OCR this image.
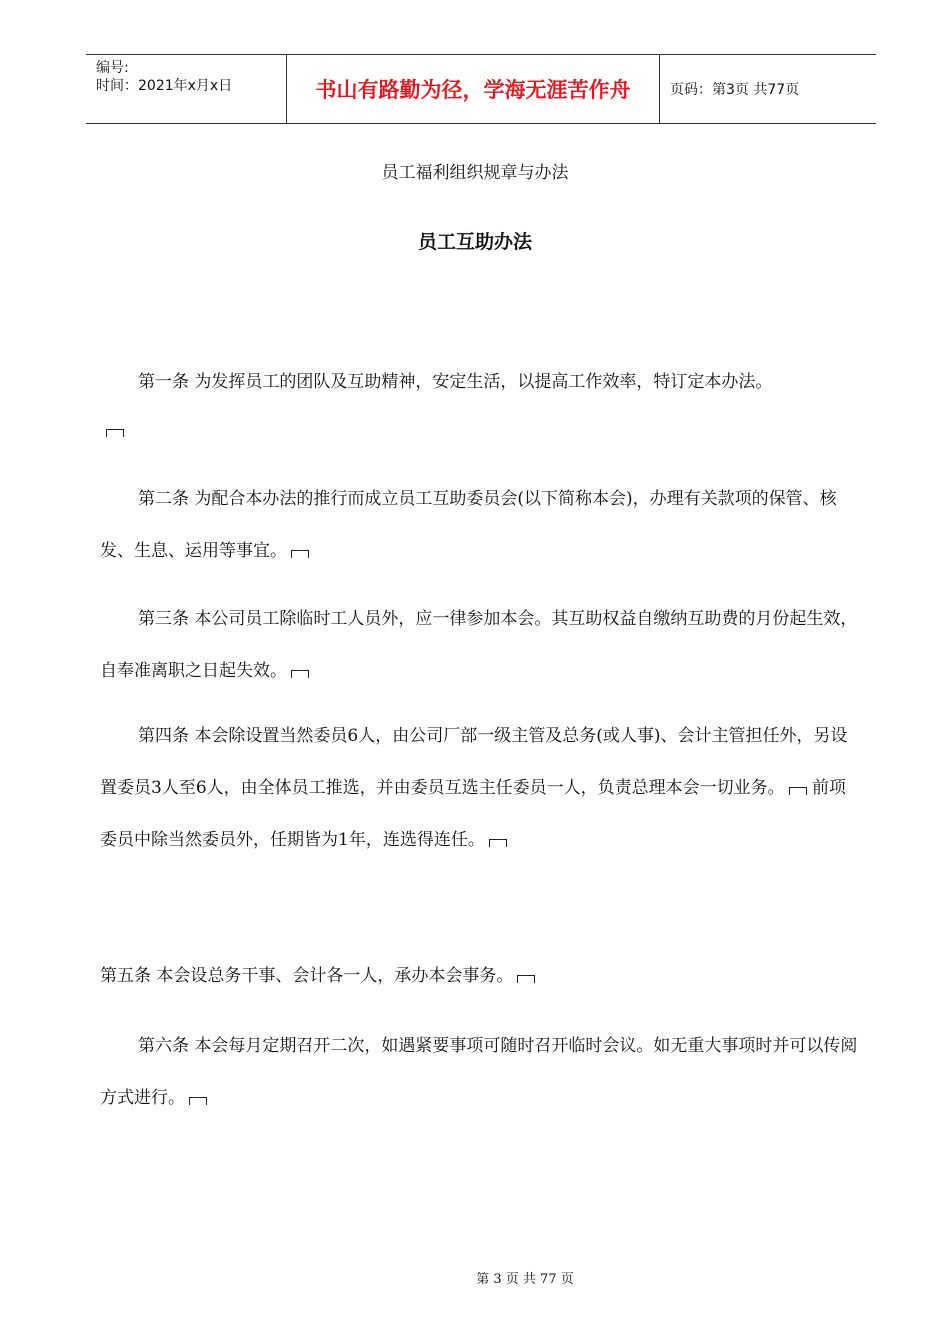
编号:
时间：2021年x月x日	书山有路勤为径，学海无涯苦作舟	页码：第3页 共77页
员工福利组织规章与办法
员工互助办法

第一条 为发挥员工的团队及互助精神，安定生活，以提高工作效率，特订定本办法。

第二条 为配合本办法的推行而成立员工互助委员会(以下简称本会)，办理有关款项的保管、核发、生息、运用等事宜。

第三条 本公司员工除临时工人员外，应一律参加本会。其互助权益自缴纳互助费的月份起生效，自奉准离职之日起失效。

第四条 本会除设置当然委员6人，由公司厂部一级主管及总务(或人事)、会计主管担任外，另设置委员3人至6人，由全体员工推选，并由委员互选主任委员一人，负责总理本会一切业务。 前项委员中除当然委员外，任期皆为1年，连选得连任。

第五条 本会设总务干事、会计各一人，承办本会事务。

第六条 本会每月定期召开二次，如遇紧要事项可随时召开临时会议。如无重大事项时并可以传阅方式进行。

第 3 页 共 77 页
